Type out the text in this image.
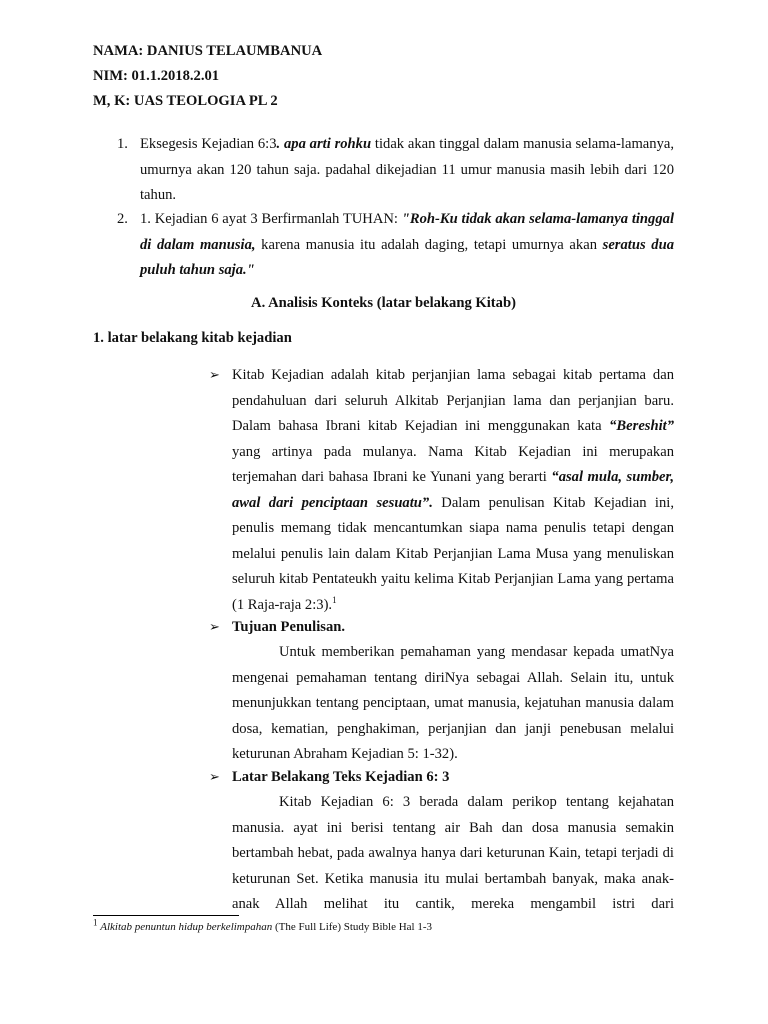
NAMA: DANIUS TELAUMBANUA
NIM: 01.1.2018.2.01
M, K: UAS TEOLOGIA PL 2
1. Eksegesis Kejadian 6:3. apa arti rohku tidak akan tinggal dalam manusia selama-lamanya, umurnya akan 120 tahun saja. padahal dikejadian 11 umur manusia masih lebih dari 120 tahun.
2. 1. Kejadian 6 ayat 3 Berfirmanlah TUHAN: "Roh-Ku tidak akan selama-lamanya tinggal di dalam manusia, karena manusia itu adalah daging, tetapi umurnya akan seratus dua puluh tahun saja."
A. Analisis Konteks (latar belakang Kitab)
1. latar belakang kitab kejadian
➢ Kitab Kejadian adalah kitab perjanjian lama sebagai kitab pertama dan pendahuluan dari seluruh Alkitab Perjanjian lama dan perjanjian baru. Dalam bahasa Ibrani kitab Kejadian ini menggunakan kata “Bereshit” yang artinya pada mulanya. Nama Kitab Kejadian ini merupakan terjemahan dari bahasa Ibrani ke Yunani yang berarti “asal mula, sumber, awal dari penciptaan sesuatu”. Dalam penulisan Kitab Kejadian ini, penulis memang tidak mencantumkan siapa nama penulis tetapi dengan melalui penulis lain dalam Kitab Perjanjian Lama Musa yang menuliskan seluruh kitab Pentateukh yaitu kelima Kitab Perjanjian Lama yang pertama (1 Raja-raja 2:3).$^1$
➢ Tujuan Penulisan.
Untuk memberikan pemahaman yang mendasar kepada umatNya mengenai pemahaman tentang diriNya sebagai Allah. Selain itu, untuk menunjukkan tentang penciptaan, umat manusia, kejatuhan manusia dalam dosa, kematian, penghakiman, perjanjian dan janji penebusan melalui keturunan Abraham Kejadian 5: 1-32).
➢ Latar Belakang Teks Kejadian 6: 3
Kitab Kejadian 6: 3 berada dalam perikop tentang kejahatan manusia. ayat ini berisi tentang air Bah dan dosa manusia semakin bertambah hebat, pada awalnya hanya dari keturunan Kain, tetapi terjadi di keturunan Set. Ketika manusia itu mulai bertambah banyak, maka anak-anak Allah melihat itu cantik, mereka mengambil istri dari
$^1$ Alkitab penuntun hidup berkelimpahan (The Full Life) Study Bible Hal 1-3
